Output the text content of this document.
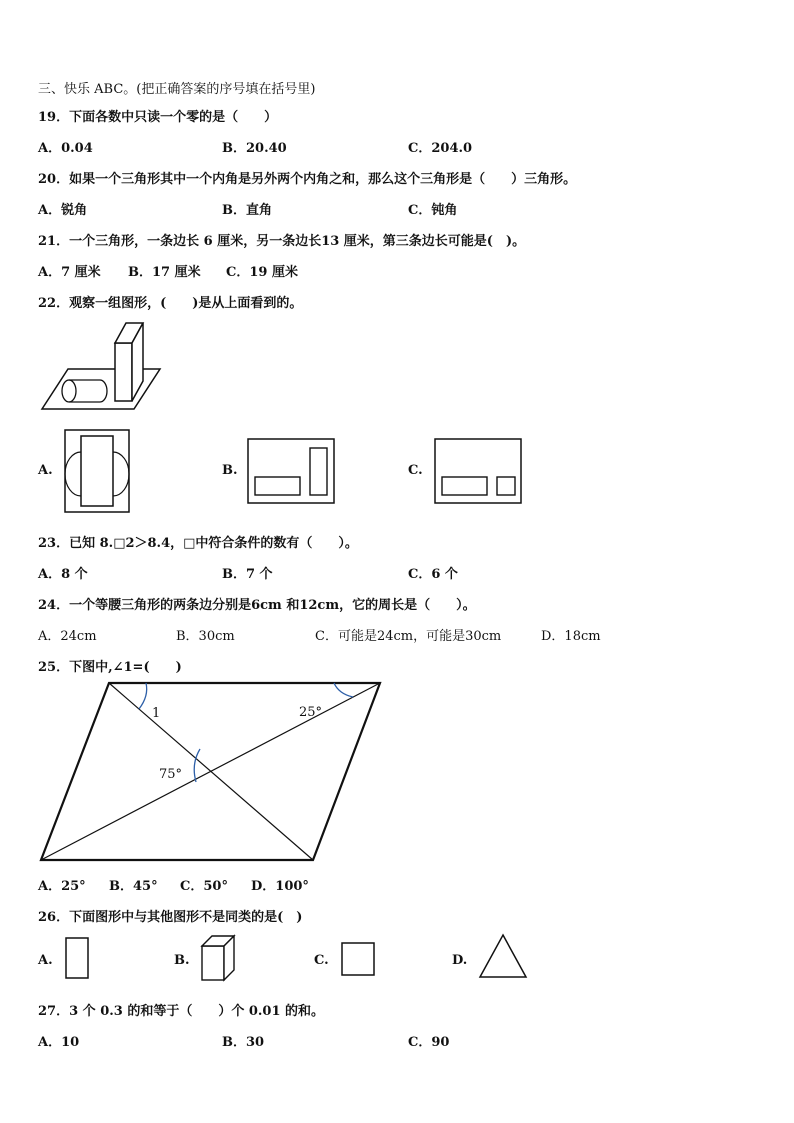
三、快乐 ABC。(把正确答案的序号填在括号里)
19．下面各数中只读一个零的是（　　）
A．0.04	B．20.40	C．204.0
20．如果一个三角形其中一个内角是另外两个内角之和，那么这个三角形是（　　）三角形。
A．锐角	B．直角	C．钝角
21．一个三角形，一条边长 6 厘米，另一条边长13 厘米，第三条边长可能是(　)。
A．7 厘米 B．17 厘米 C．19 厘米
22．观察一组图形，(　　)是从上面看到的。
A.	B.	C.
23．已知 8.□2＞8.4，□中符合条件的数有（　　）。
A．8 个	B．7 个	C．6 个
24．一个等腰三角形的两条边分别是6cm 和12cm，它的周长是（　　）。
A．24cm	B．30cm	C．可能是24cm，可能是30cm	D．18cm
25．下图中,∠1=(　　)
1	25°
75°
A．25° B．45° C．50° D．100°
26．下面图形中与其他图形不是同类的是(　)
A.	B.	C.	D.
27．3 个 0.3 的和等于（　　）个 0.01 的和。
A．10	B．30	C．90
